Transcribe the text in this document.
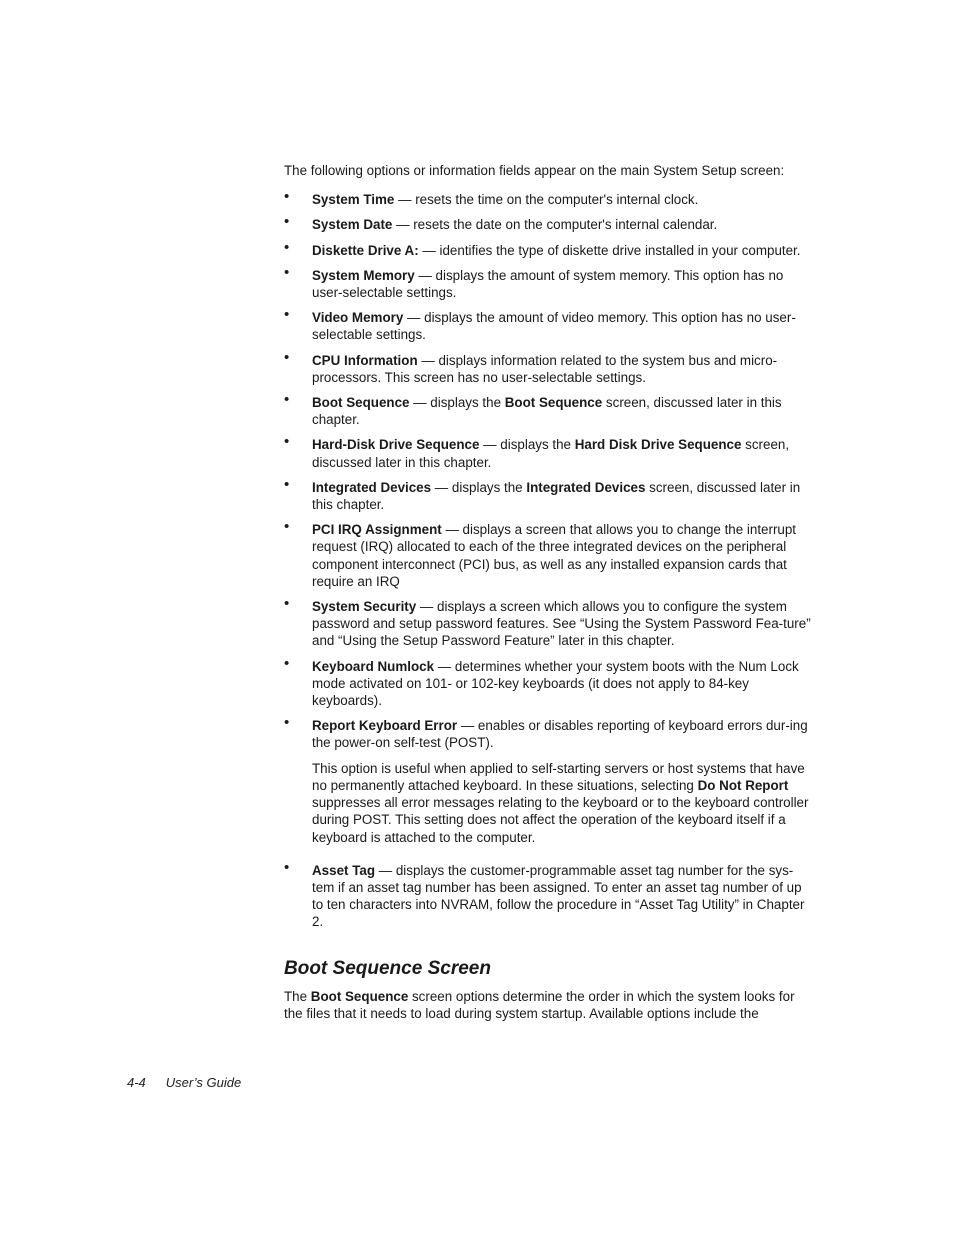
The following options or information fields appear on the main System Setup screen:

• System Time — resets the time on the computer's internal clock.
• System Date — resets the date on the computer's internal calendar.
• Diskette Drive A: — identifies the type of diskette drive installed in your computer.
• System Memory — displays the amount of system memory. This option has no user-selectable settings.
• Video Memory — displays the amount of video memory. This option has no user-selectable settings.
• CPU Information — displays information related to the system bus and micro-processors. This screen has no user-selectable settings.
• Boot Sequence — displays the Boot Sequence screen, discussed later in this chapter.
• Hard-Disk Drive Sequence — displays the Hard Disk Drive Sequence screen, discussed later in this chapter.
• Integrated Devices — displays the Integrated Devices screen, discussed later in this chapter.
• PCI IRQ Assignment — displays a screen that allows you to change the interrupt request (IRQ) allocated to each of the three integrated devices on the peripheral component interconnect (PCI) bus, as well as any installed expansion cards that require an IRQ
• System Security — displays a screen which allows you to configure the system password and setup password features. See “Using the System Password Fea-ture” and “Using the Setup Password Feature” later in this chapter.
• Keyboard Numlock — determines whether your system boots with the Num Lock mode activated on 101- or 102-key keyboards (it does not apply to 84-key keyboards).
• Report Keyboard Error — enables or disables reporting of keyboard errors dur-ing the power-on self-test (POST).

This option is useful when applied to self-starting servers or host systems that have no permanently attached keyboard. In these situations, selecting Do Not Report suppresses all error messages relating to the keyboard or to the keyboard controller during POST. This setting does not affect the operation of the keyboard itself if a keyboard is attached to the computer.

• Asset Tag — displays the customer-programmable asset tag number for the sys-tem if an asset tag number has been assigned. To enter an asset tag number of up to ten characters into NVRAM, follow the procedure in “Asset Tag Utility” in Chapter 2.
Boot Sequence Screen

The Boot Sequence screen options determine the order in which the system looks for the files that it needs to load during system startup. Available options include the

4-4 User’s Guide
